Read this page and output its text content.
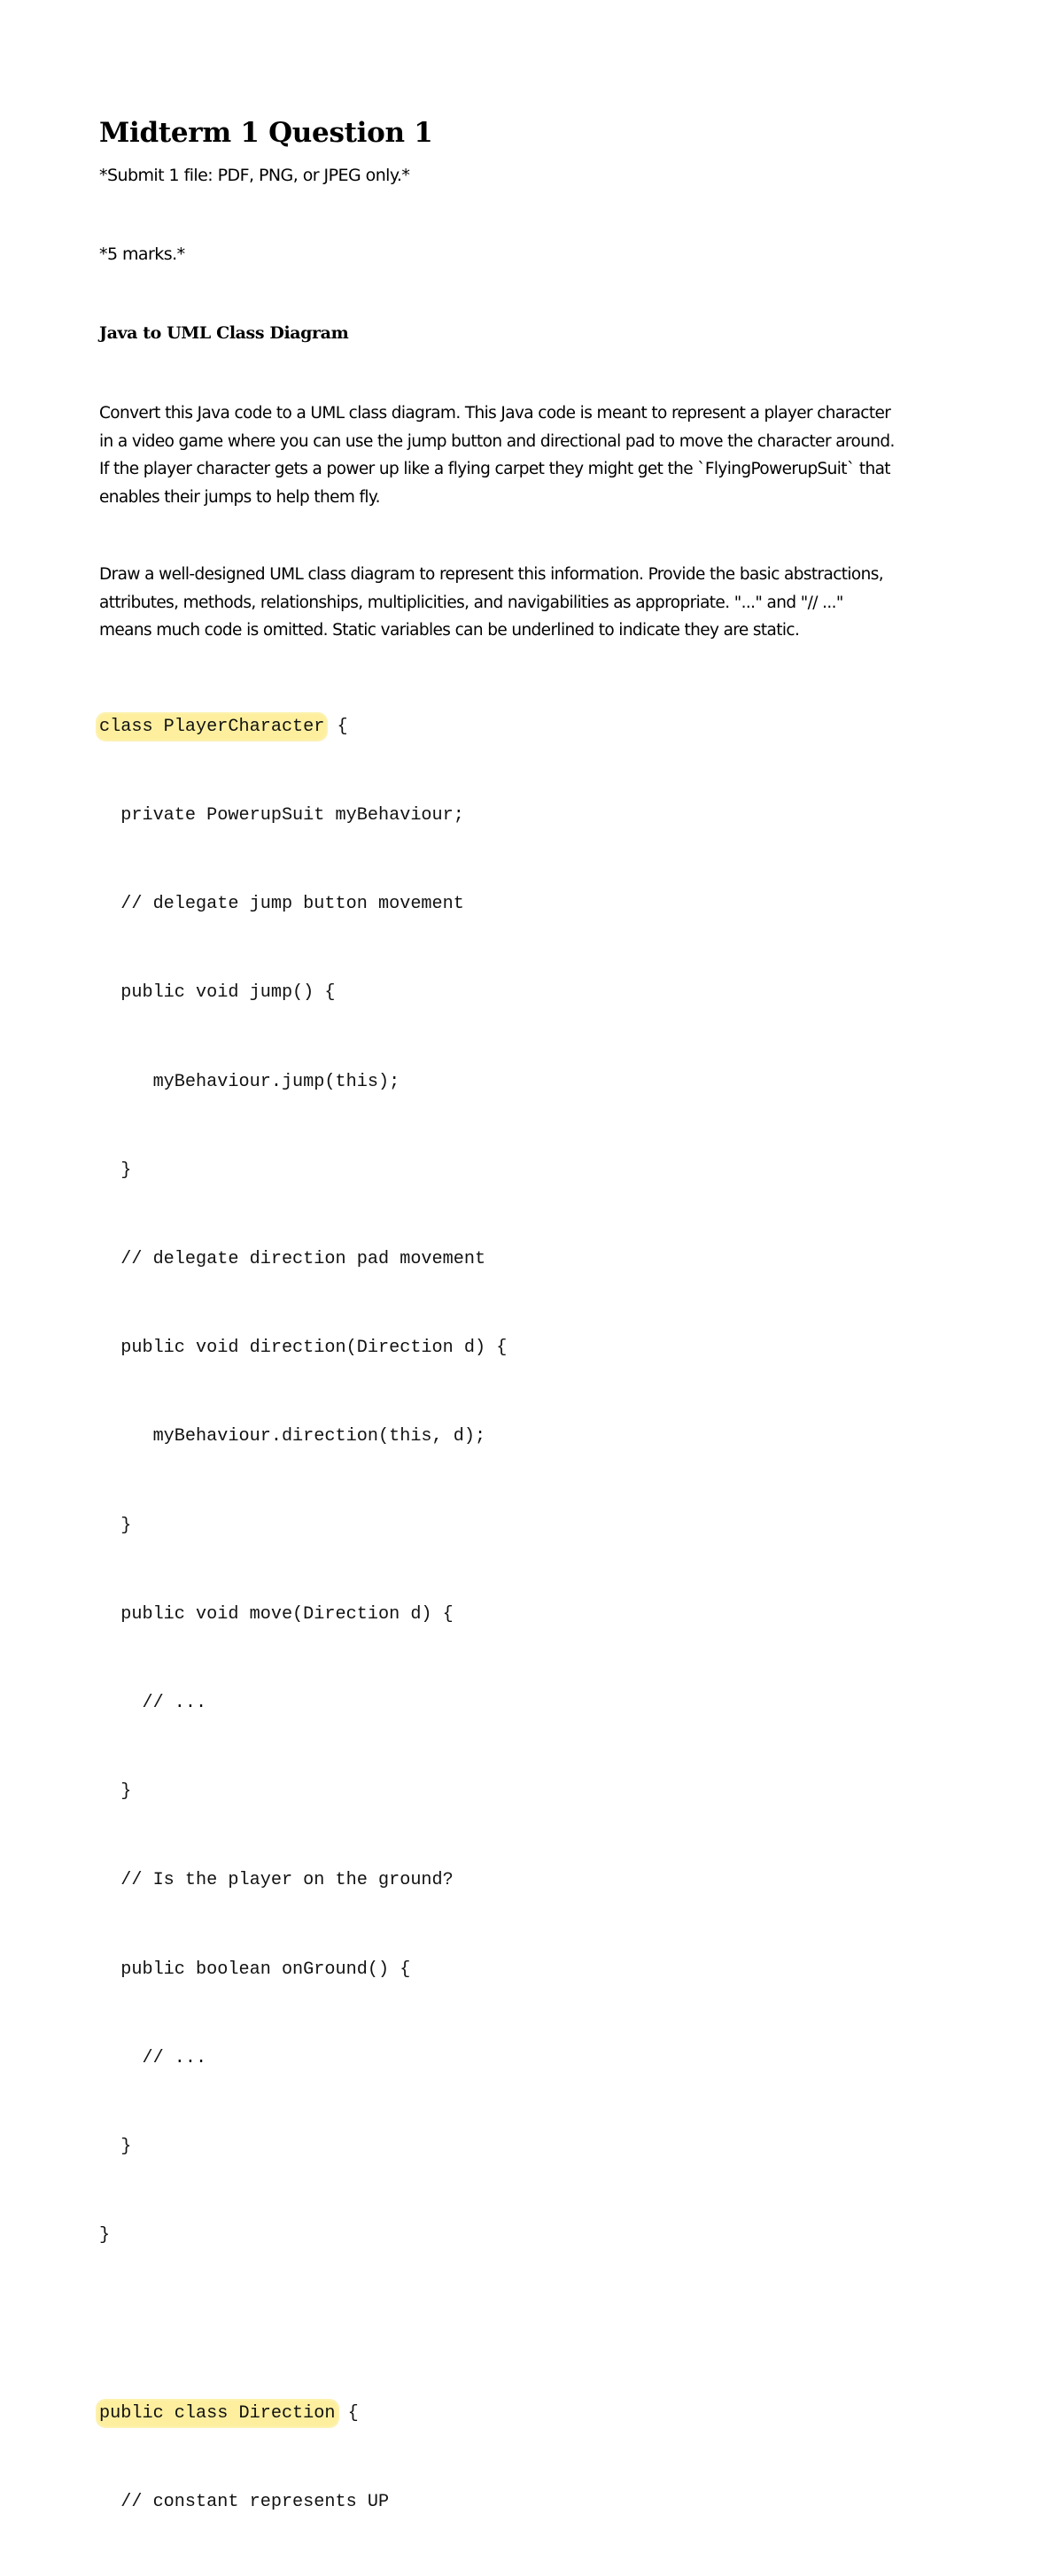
Midterm 1 Question 1

*Submit 1 file: PDF, PNG, or JPEG only.*

*5 marks.*

Java to UML Class Diagram
Convert this Java code to a UML class diagram. This Java code is meant to represent a player character
in a video game where you can use the jump button and directional pad to move the character around.
If the player character gets a power up like a flying carpet they might get the `FlyingPowerupSuit` that
enables their jumps to help them fly.
Draw a well-designed UML class diagram to represent this information. Provide the basic abstractions,
attributes, methods, relationships, multiplicities, and navigabilities as appropriate. "..." and "// ..."
means much code is omitted. Static variables can be underlined to indicate they are static.

class PlayerCharacter {

private PowerupSuit myBehaviour;

// delegate jump button movement

public void jump() {

myBehaviour.jump(this);

}

// delegate direction pad movement

public void direction(Direction d) {

myBehaviour.direction(this, d);

}

public void move(Direction d) {

// ...

}

// Is the player on the ground?

public boolean onGround() {

// ...

}

}

public class Direction {

// constant represents UP
